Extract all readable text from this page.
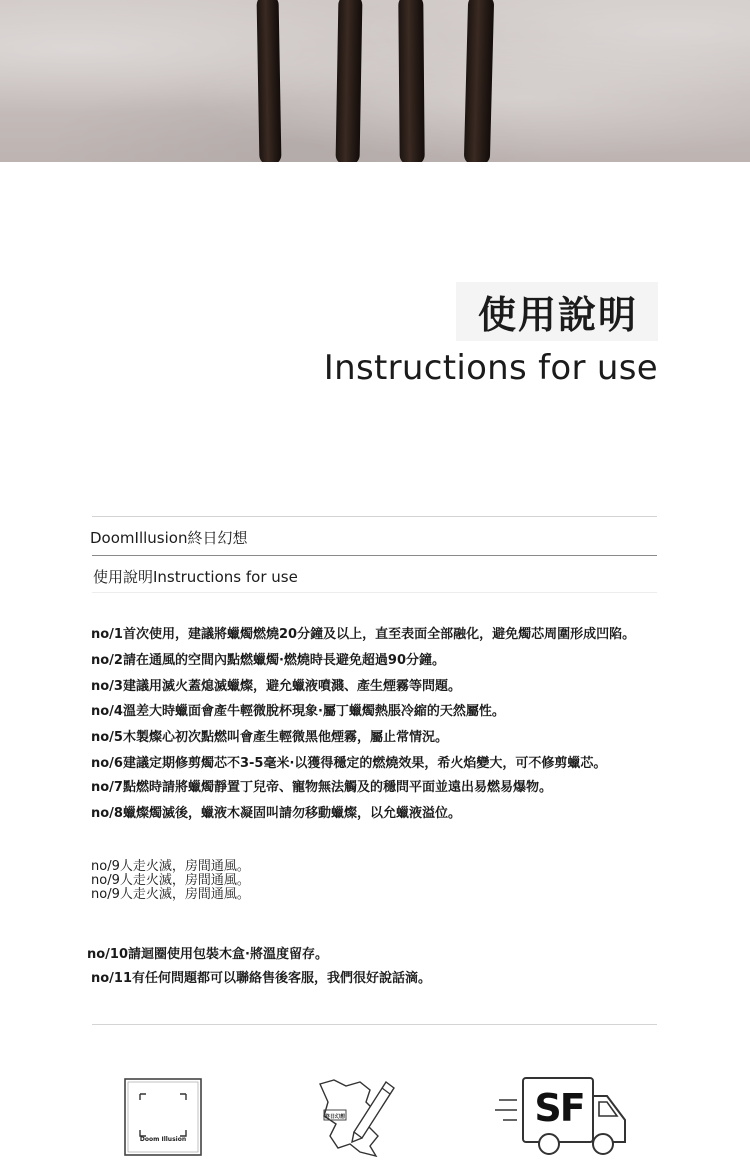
使用說明
Instructions for use
DoomIllusion終日幻想
使用說明Instructions for use
no/1首次使用，建議將蠟燭燃燒20分鐘及以上，直至表面全部融化，避免燭芯周圍形成凹陷。
no/2請在通風的空間內點燃蠟燭·燃燒時長避免超過90分鐘。
no/3建議用滅火蓋熄滅蠟燦，避允蠟液噴濺、產生煙霧等問題。
no/4溫差大時蠟面會產牛輕微脫杯現象·屬丁蠟燭熱脹冷縮的天然屬性。
no/5木製燦心初次點燃叫會產生輕微黑他煙霧，屬止常情況。
no/6建議定期修剪燭芯不3-5毫米·以獲得穩定的燃燒效果，希火焰變大，可不修剪蠟芯。
no/7點燃時請將蠟燭靜置丁兒帝、寵物無法觸及的穩問平面並遠出易燃易爆物。
no/8蠟燦燭滅後，蠟液木凝固叫請勿移動蠟燦，以允蠟液溢位。
no/9人走火滅，房間通風。
no/9人走火滅，房間通風。
no/9人走火滅，房間通風。
no/10請迴圈使用包裝木盒·將溫度留存。
no/11有任何問題都可以聯絡售後客服，我們很好說話滴。
Doom Illusion
終日幻想	SF
